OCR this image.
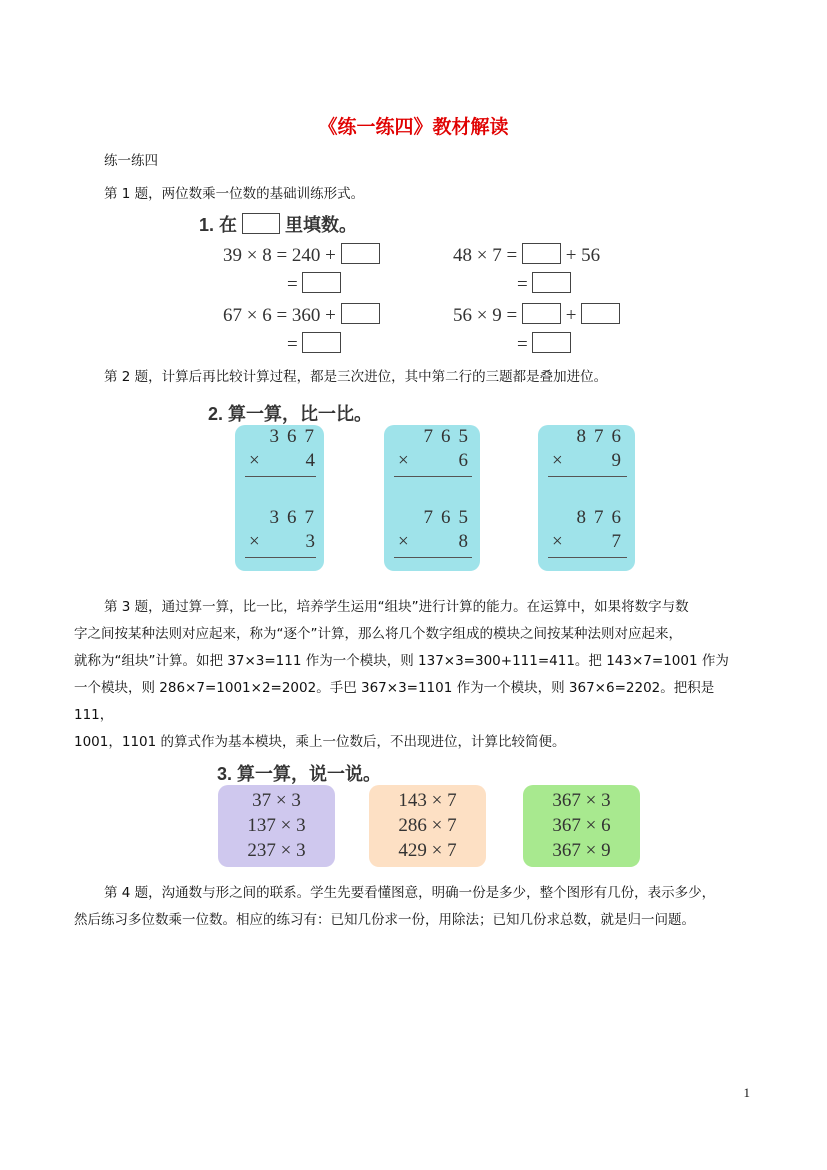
《练一练四》教材解读
练一练四
第 1 题，两位数乘一位数的基础训练形式。
1. 在	里填数。
39 × 8 = 240 +
=
48 × 7 =	+ 56
=
67 × 6 = 360 +
=
56 × 9 =	+
=
第 2 题，计算后再比较计算过程，都是三次进位，其中第二行的三题都是叠加进位。
2. 算一算，比一比。
367
× 4
367
× 3
765
× 6
765
× 8
876
× 9
876
× 7
第 3 题，通过算一算，比一比，培养学生运用“组块”进行计算的能力。在运算中，如果将数字与数
字之间按某种法则对应起来，称为“逐个”计算，那么将几个数字组成的模块之间按某种法则对应起来，
就称为“组块”计算。如把 37×3=111 作为一个模块，则 137×3=300+111=411。把 143×7=1001 作为
一个模块，则 286×7=1001×2=2002。手巴 367×3=1101 作为一个模块，则 367×6=2202。把积是 111，
1001，1101 的算式作为基本模块，乘上一位数后，不出现进位，计算比较简便。
3. 算一算，说一说。
37 × 3
137 × 3
237 × 3
143 × 7
286 × 7
429 × 7
367 × 3
367 × 6
367 × 9
第 4 题，沟通数与形之间的联系。学生先要看懂图意，明确一份是多少，整个图形有几份，表示多少，
然后练习多位数乘一位数。相应的练习有：已知几份求一份，用除法；已知几份求总数，就是归一问题。
1
